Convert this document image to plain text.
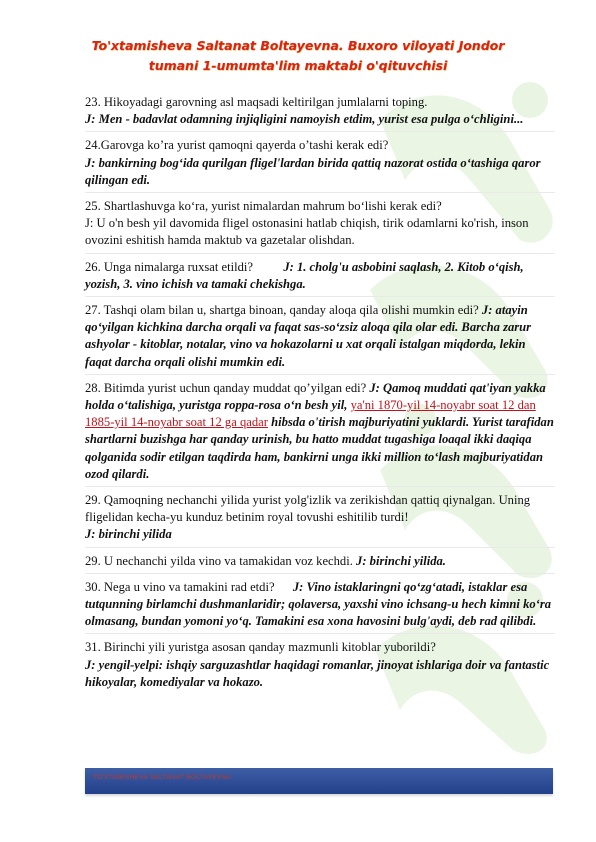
To'xtamisheva Saltanat Boltayevna. Buxoro viloyati Jondor
tumani 1-umumta'lim maktabi o'qituvchisi
23. Hikoyadagi garovning asl maqsadi keltirilgan jumlalarni toping.
J: Men - badavlat odamning injiqligini namoyish etdim, yurist esa pulga o‘chligini...
24.Garovga ko’ra yurist qamoqni qayerda o’tashi kerak edi?
J: bankirning bog‘ida qurilgan fligel'lardan birida qattiq nazorat ostida o‘tashiga qaror qilingan edi.
25. Shartlashuvga ko‘ra, yurist nimalardan mahrum bo‘lishi kerak edi?
J: U o'n besh yil davomida fligel ostonasini hatlab chiqish, tirik odamlarni ko'rish, inson ovozini eshitish hamda maktub va gazetalar olishdan.
26. Unga nimalarga ruxsat etildi? J: 1. cholg'u asbobini saqlash, 2. Kitob o‘qish, yozish, 3. vino ichish va tamaki chekishga.
27. Tashqi olam bilan u, shartga binoan, qanday aloqa qila olishi mumkin edi? J: atayin qo‘yilgan kichkina darcha orqali va faqat sas-so‘zsiz aloqa qila olar edi. Barcha zarur ashyolar - kitoblar, notalar, vino va hokazolarni u xat orqali istalgan miqdorda, lekin faqat darcha orqali olishi mumkin edi.
28. Bitimda yurist uchun qanday muddat qo’yilgan edi? J: Qamoq muddati qat'iyan yakka holda o‘talishiga, yuristga roppa-rosa o‘n besh yil, ya'ni 1870-yil 14-noyabr soat 12 dan 1885-yil 14-noyabr soat 12 ga qadar hibsda o'tirish majburiyatini yuklardi. Yurist tarafidan shartlarni buzishga har qanday urinish, bu hatto muddat tugashiga loaqal ikki daqiqa qolganida sodir etilgan taqdirda ham, bankirni unga ikki million to‘lash majburiyatidan ozod qilardi.
29. Qamoqning nechanchi yilida yurist yolg'izlik va zerikishdan qattiq qiynalgan. Uning fligelidan kecha-yu kunduz betinim royal tovushi eshitilib turdi!
J: birinchi yilida
29. U nechanchi yilda vino va tamakidan voz kechdi. J: birinchi yilida.
30. Nega u vino va tamakini rad etdi? J: Vino istaklaringni qo‘zg‘atadi, istaklar esa tutqunning birlamchi dushmanlaridir; qolaversa, yaxshi vino ichsang-u hech kimni ko‘ra olmasang, bundan yomoni yo‘q. Tamakini esa xona havosini bulg'aydi, deb rad qilibdi.
31. Birinchi yili yuristga asosan qanday mazmunli kitoblar yuborildi?
J: yengil-yelpi: ishqiy sarguzashtlar haqidagi romanlar, jinoyat ishlariga doir va fantastic hikoyalar, komediyalar va hokazo.
TO'XTAMISHEVA SALTANAT BOLTAYEVNA
